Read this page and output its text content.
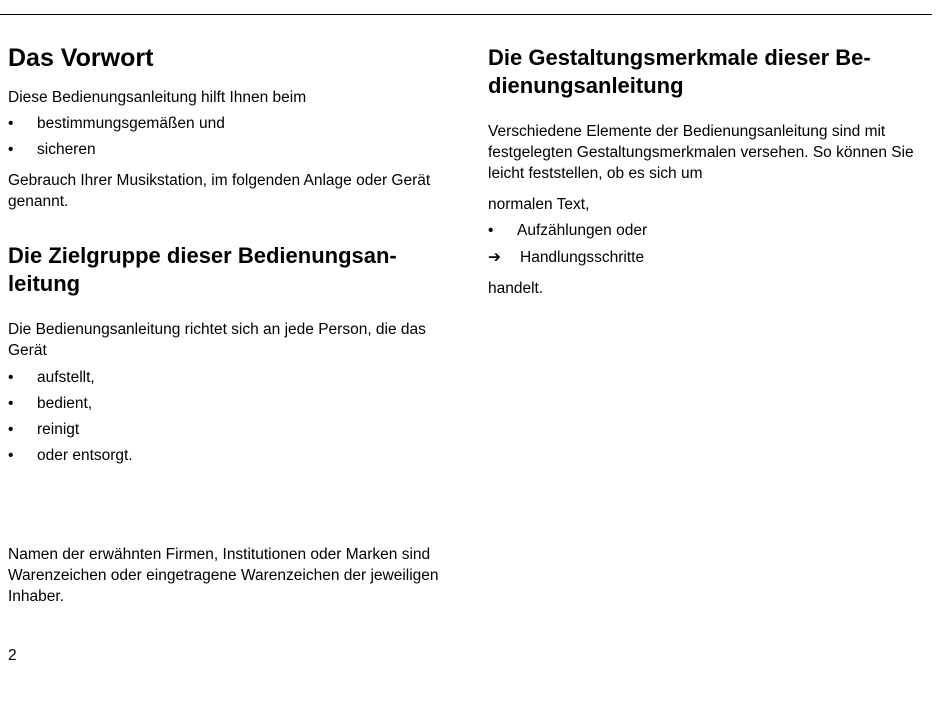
Das Vorwort

Diese Bedienungsanleitung hilft Ihnen beim

• bestimmungsgemäßen und
• sicheren

Gebrauch Ihrer Musikstation, im folgenden Anlage oder Gerät genannt.

Die Zielgruppe dieser Bedienungsan-leitung

Die Bedienungsanleitung richtet sich an jede Person, die das Gerät

• aufstellt,
• bedient,
• reinigt
• oder entsorgt.

Namen der erwähnten Firmen, Institutionen oder Marken sind Warenzeichen oder eingetragene Warenzeichen der jeweiligen Inhaber.

2
Die Gestaltungsmerkmale dieser Be-dienungsanleitung

Verschiedene Elemente der Bedienungsanleitung sind mit festgelegten Gestaltungsmerkmalen versehen. So können Sie leicht feststellen, ob es sich um

normalen Text,

• Aufzählungen oder
➔ Handlungsschritte

handelt.
